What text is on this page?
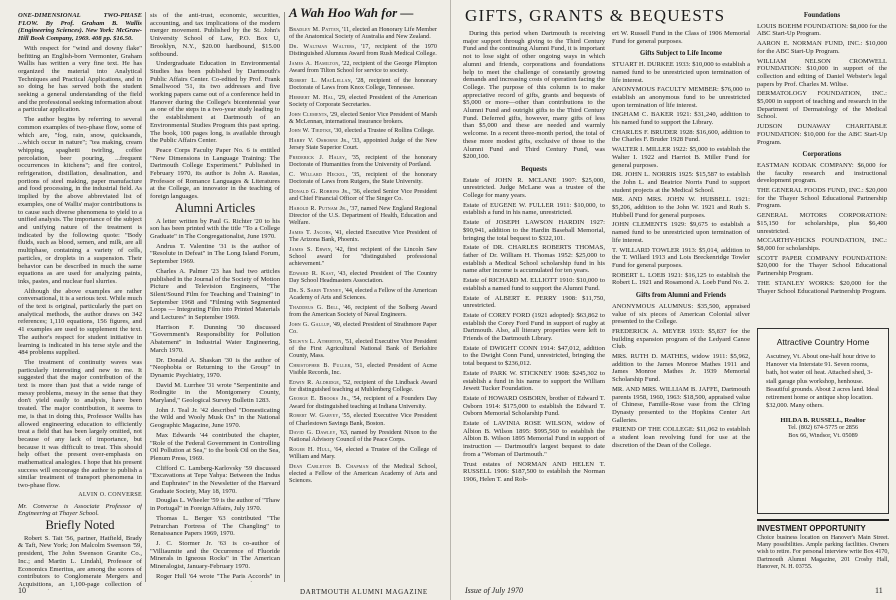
ONE-DIMENSIONAL TWO-PHASE FLOW. By Prof. Graham B. Wallis (Engineering Sciences). New York: McGraw-Hill Book Company, 1969. 408 pp. $16.50.

With respect for "wind and downy flake" befitting an English-born Vermonter, Graham Wallis has written a very fine text. He has organized the material into Analytical Techniques and Practical Applications, and in so doing he has served both the student seeking a general understanding of the field and the professional seeking information about a particular application.

The author begins by referring to several common examples of two-phase flow, some of which are, "fog, rain, snow, quicksands, ...which occur in nature"; "tea making, cream whipping, spaghetti twirling, coffee percolation, beer pouring, ...frequent occurrences in kitchens"; and fire control, refrigeration, distillation, desalination, and portions of steel making, paper manufacture and food processing, in the industrial field. As implied by the above abbreviated list of examples, one of Wallis' major contributions is to cause such diverse phenomena to yield to a unified analysis. The importance of the subject and unifying nature of the treatment is indicated by the following quote: "Body fluids, such as blood, semen, and milk, are all multiphase, containing a variety of cells, particles, or droplets in a suspension. Their behavior can be described in much the same equations as are used for analyzing paints, inks, pastes, and nuclear fuel slurries.

Although the above examples are rather conversational, it is a serious text. While much of the text is original, particularly the part on analytical methods, the author draws on 342 references; 1,110 equations, 156 figures, and 41 examples are used to supplement the text. The author's respect for student initiative in learning is indicated in his terse style and the 484 problems supplied.

The treatment of continuity waves was particularly interesting and new to me. It suggested that the major contribution of the text is more than just that a wide range of messy problems, messy in the sense that they don't yield easily to analysis, have been treated. The major contribution, it seems to me, is that in doing this, Professor Wallis has allowed engineering education to efficiently treat a field that has been largely omitted, not because of any lack of importance, but because it was difficult to treat. This should help offset the present over-emphasis on mathematical analogies. I hope that his present success will encourage the author to publish a similar treatment of transport phenomena in two-phase flow.

ALVIN O. CONVERSE

Mr. Converse is Associate Professor of Engineering at Thayer School.

Briefly Noted

Robert S. Tait '56, partner, Hatfield, Brady & Taft, New York; Jon Malcolm Swenson '59, president, The John Swenson Granite Co., Inc.; and Martin L. Lindahl, Professor of Economics Emeritus, are among the scores of contributors to Conglomerate Mergers and Acquisitions, an 1,100-page collection of

sis of the anti-trust, economic, securities, accounting, and tax implications of the modern merger movement. Published by the St. John's University School of Law, P.O. Box U, Brooklyn, N.Y., $20.00 hardbound, $15.00 softbound.

Undergraduate Education in Environmental Studies has been published by Dartmouth's Public Affairs Center. Co-edited by Prof. Frank Smallwood '51, its two addresses and five working papers came out of a conference held in Hanover during the College's bicentennial year as one of the steps in a two-year study leading to the establishment at Dartmouth of an Environmental Studies Program this past spring. The book, 100 pages long, is available through the Public Affairs Center.

Peace Corps Faculty Paper No. 6 is entitled "New Dimensions in Language Training: The Dartmouth College Experiment." Published in February 1970, its author is John A. Rassias, Professor of Romance Languages & Literatures at the College, an innovator in the teaching of foreign languages.

Alumni Articles

A letter written by Paul G. Richter '20 to his son has been printed with the title "To a College Graduate" in The Congregationalist, June 1970.

Andrus T. Valentine '31 is the author of "Resolute in Defeat" in The Long Island Forum, September 1969.

Charles A. Palmer '23 has had two articles published in the Journal of the Society of Motion Picture and Television Engineers, "The Silent/Sound Film for Teaching and Training" in September 1968 and "Filming with Segmented Loops — Integrating Film into Printed Materials and Lectures" in September 1969.

Harrison F. Dunning '30 discussed "Government's Responsibility for Pollution Abatement" in Industrial Water Engineering, March 1970.

Dr. Donald A. Shaskan '30 is the author of "Neophobia or Returning to the Group" in Dynamic Psychiatry, 1970.

David M. Lurrhee '31 wrote "Serpentinite and Rodingite in the Montgomery County, Maryland," Geological Survey Bulletin 1283.

John J. Teal Jr. '42 described "Domesticating the Wild and Wooly Musk Ox" in the National Geographic Magazine, June 1970.

Max Edwards '44 contributed the chapter, "Role of the Federal Government in Controlling Oil Pollution at Sea," to the book Oil on the Sea, Plenum Press, 1969.

Clifford C. Lamberg-Karlovsky '59 discussed "Excavations at Tepe Yahya: Between the Indus and Euphrates" in the Newsletter of the Harvard Graduate Society, May 18, 1970.

Douglas L. Wheeler '59 is the author of "Thaw in Portugal" in Foreign Affairs, July 1970.

Thomas L. Berger '63 contributed "The Petrarchan Fortress of The Changling" to Renaissance Papers 1969, 1970.

J. C. Stormer Jr. '63 is co-author of "Villiaumite and the Occurrence of Fluoride Minerals in Igneous Rocks" in The American Mineralogist, January-February 1970.

Roger Hull '64 wrote "The Paris Accords" in

A Wah Hoo Wah for —

Bradley M. Patten, '11, elected an Honorary Life Member of the Anatomical Society of Australia and New Zealand.

Dr. Waltman Walters, '17, recipient of the 1970 Distinguished Alumnus Award from Rush Medical College.

James A. Hamilton, '22, recipient of the George Plimpton Award from Tilton School for service to society.

Robert L. MacLellan, '28, recipient of the honorary Doctorate of Laws from Knox College, Tennessee.

Herbert M. Hal, '29, elected President of the American Society of Corporate Secretaries.

John Clements, '29, elected Senior Vice President of Marsh & McLennan, international insurance brokers.

John W. Tiedtke, '30, elected a Trustee of Rollins College.

Harry V. Osborne Jr., '33, appointed Judge of the New Jersey State Superior Court.

Frederick J. Haley, '35, recipient of the honorary Doctorate of Humanities from the University of Portland.

C. Willard Heckel, '35, recipient of the honorary Doctorate of Laws from Rutgers, the State University.

Donald G. Robbins Jr., '36, elected Senior Vice President and Chief Financial Officer of The Singer Co.

Harold R. Putnam Jr., '37, named New England Regional Director of the U.S. Department of Health, Education and Welfare.

James T. Jacobs, '41, elected Executive Vice President of The Arizona Bank, Phoenix.

James S. Erwin, '42, first recipient of the Lincoln Saw School award for "distinguished professional achievement."

Edward R. Kast, '43, elected President of The Country Day School Headmasters Association.

Dr. S. Sabin Tenney, '44, elected a Fellow of the American Academy of Arts and Sciences.

Thaddeus G. Bell, '46, recipient of the Solberg Award from the American Society of Naval Engineers.

John G. Gallup, '49, elected President of Strathmore Paper Co.

Selwyn L. Atherton, '51, elected Executive Vice President of the First Agricultural National Bank of Berkshire County, Mass.

Christopher B. Fuller, '51, elected President of Acme Visible Records, Inc.

Edwin R. Aldridge, '52, recipient of the Lindback Award for distinguished teaching at Muhlenberg College.

George E. Brooks Jr., '54, recipient of a Founders Day Award for distinguished teaching at Indiana University.

Robert W. Garvey, '55, elected Executive Vice President of Charlestown Savings Bank, Boston.

David G. Dawley, '63, named by President Nixon to the National Advisory Council of the Peace Corps.

Roger H. Hull, '64, elected a Trustee of the College of William and Mary.

Dean Carleton B. Chapman of the Medical School, elected a Fellow of the American Academy of Arts and Sciences.

10	DARTMOUTH ALUMNI MAGAZINE
GIFTS, GRANTS & BEQUESTS

During this period when Dartmouth is receiving major support through giving to the Third Century Fund and the continuing Alumni Fund, it is important not to lose sight of other ongoing ways in which alumni and friends, corporations and foundations help to meet the challenge of constantly growing demands and increasing costs of operation facing the College. The purpose of this column is to make appreciative record of gifts, grants and bequests of $5,000 or more—other than contributions to the Alumni Fund and outright gifts to the Third Century Fund. Deferred gifts, however, many gifts of less than $5,000 and these are needed and warmly welcome. In a recent three-month period, the total of these more modest gifts, exclusive of those to the Alumni Fund and Third Century Fund, was $200,100.

Bequests

Estate of JOHN R. MCLANE 1907: $25,000, unrestricted. Judge McLane was a trustee of the College for many years.

Estate of EUGENE W. FULLER 1911: $10,000, to establish a fund in his name, unrestricted.

Estate of JOSEPH LAWSON HARDIN 1927: $90,941, addition to the Hardin Baseball Memorial, bringing the total bequest to $322,101.

Estate of DR. CHARLES ROBERTS THOMAS, father of Dr. William H. Thomas 1952: $25,000 to establish a Medical School scholarship fund in his name after income is accumulated for ten years.

Estate of RICHARD M. ELLIOTT 1910: $10,000 to establish a named fund to support the Alumni Fund.

Estate of ALBERT E. PERRY 1908: $11,750, unrestricted.

Estate of COREY FORD (1921 adopted): $63,862 to establish the Corey Ford Fund in support of rugby at Dartmouth. Also, all literary properties were left to Friends of the Dartmouth Library.

Estate of DWIGHT CONN 1914: $47,012, addition to the Dwight Conn Fund, unrestricted, bringing the total bequest to $236,012.

Estate of PARK W. STICKNEY 1908: $245,302 to establish a fund in his name to support the William Jewett Tucker Foundation.

Estate of HOWARD OSBORN, brother of Edward T. Osborn 1914: $175,000 to establish the Edward T. Osborn Memorial Scholarship Fund.

Estate of LAVINIA ROSE WILSON, widow of Albion B. Wilson 1895: $995,560 to establish the Albion B. Wilson 1895 Memorial Fund in support of instruction — Dartmouth's largest bequest to date from a "Woman of Dartmouth."

Trust estates of NORMAN AND HELEN T. RUSSELL 1906: $187,500 to establish the Norman 1906, Helen T. and Rob-

ert W. Russell Fund in the Class of 1906 Memorial Fund for general purposes.

Gifts Subject to Life Income

STUART H. DURKEE 1933: $10,000 to establish a named fund to be unrestricted upon termination of life interest.

ANONYMOUS FACULTY MEMBER: $76,000 to establish an anonymous fund to be unrestricted upon termination of life interest.

INGHAM C. BAKER 1921: $31,240, addition to his named fund to support the Library.

CHARLES F. BRUDER 1928: $16,600, addition to the Charles F. Bruder 1928 Fund.

WALTER I. MILLER 1922: $5,000 to establish the Walter I. 1922 and Harriot B. Miller Fund for general purposes.

DR. JOHN L. NORRIS 1925: $15,587 to establish the John L. and Beatrice Norris Fund to support student projects at the Medical School.

MR. AND MRS. JOHN W. HUBBELL 1921: $5,206, addition to the John W. 1921 and Ruth S. Hubbell Fund for general purposes.

JOHN CLEMENTS 1929: $9,675 to establish a named fund to be unrestricted upon termination of life interest.

T. WILLARD TOWLER 1913: $5,014, addition to the T. Willard 1913 and Lois Breckenridge Towler Fund for general purposes.

ROBERT L. LOEB 1921: $16,125 to establish the Robert L. 1921 and Rosamond A. Loeb Fund No. 2.

Gifts from Alumni and Friends

ANONYMOUS ALUMNUS: $35,500, appraised value of six pieces of American Colonial silver presented to the College.

FREDERICK A. MEYER 1933: $5,837 for the building expansion program of the Ledyard Canoe Club.

MRS. RUTH D. MATHES, widow 1911: $5,962, addition to the James Monroe Mathes 1911 and James Monroe Mathes Jr. 1939 Memorial Scholarship Fund.

MR. AND MRS. WILLIAM B. JAFFE, Dartmouth parents 1958, 1960, 1963: $18,500, appraised value of Chinese, Famille-Rose vase from the Ch'ing Dynasty presented to the Hopkins Center Art Galleries.

FRIEND OF THE COLLEGE: $11,062 to establish a student loan revolving fund for use at the discretion of the Dean of the College.

Foundations

LOUIS BOEHM FOUNDATION: $8,000 for the ABC Start-Up Program.

AARON E. NORMAN FUND, INC.: $10,000 for the ABC Start-Up Program.

WILLIAM NELSON CROMWELL FOUNDATION: $10,000 in support of the collection and editing of Daniel Webster's legal papers by Prof. Charles M. Wiltse.

DERMATOLOGY FOUNDATION, INC.: $5,000 in support of teaching and research in the Department of Dermatology of the Medical School.

JUDSON DUNAWAY CHARITABLE FOUNDATION: $10,000 for the ABC Start-Up Program.

Corporations

EASTMAN KODAK COMPANY: $6,000 for the faculty research and instructional development program.

THE GENERAL FOODS FUND, INC.: $20,000 for the Thayer School Educational Partnership Program.

GENERAL MOTORS CORPORATION: $15,150 for scholarships, plus $6,400 unrestricted.

MCCARTHY-HICKS FOUNDATION, INC.: $8,000 for scholarships.

SCOTT PAPER COMPANY FOUNDATION: $20,000 for the Thayer School Educational Partnership Program.

THE STANLEY WORKS: $20,000 for the Thayer School Educational Partnership Program.

Attractive Country Home
Ascutney, Vt. About one-half hour drive to Hanover via Interstate 91. Seven rooms, bath, hot water oil heat. Attached shed, 3-stall garage plus workshop, henhouse. Beautiful grounds. About 2 acres land. Ideal retirement home or antique shop location. $32,000. Many others.
HILDA B. RUSSELL, Realtor
Tel. (802) 674-5775 or 2856
Box 66, Windsor, Vt. 05089
INVESTMENT OPPORTUNITY
Choice business location on Hanover's Main Street. Many possibilities. Ample parking facilities. Owners wish to retire. For personal interview write Box 4170, Dartmouth Alumni Magazine, 201 Crosby Hall, Hanover, N. H. 03755.
Issue of July 1970	11
